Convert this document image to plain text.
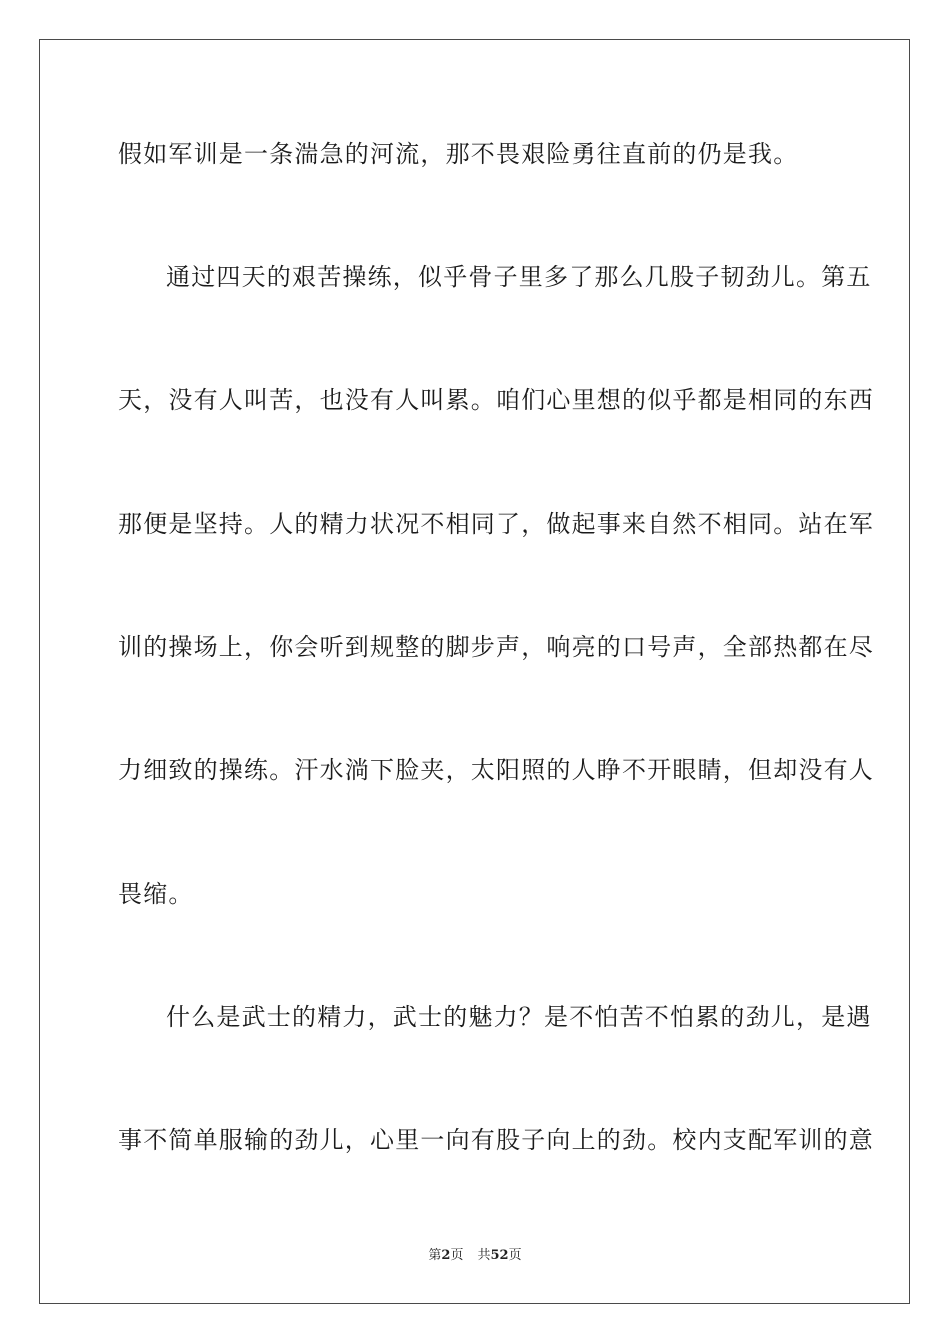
假如军训是一条湍急的河流，那不畏艰险勇往直前的仍是我。
通过四天的艰苦操练，似乎骨子里多了那么几股子韧劲儿。第五
天，没有人叫苦，也没有人叫累。咱们心里想的似乎都是相同的东西
那便是坚持。人的精力状况不相同了，做起事来自然不相同。站在军
训的操场上，你会听到规整的脚步声，响亮的口号声，全部热都在尽
力细致的操练。汗水淌下脸夹，太阳照的人睁不开眼睛，但却没有人
畏缩。
什么是武士的精力，武士的魅力？是不怕苦不怕累的劲儿，是遇
事不简单服输的劲儿，心里一向有股子向上的劲。校内支配军训的意
第2页 共52页
